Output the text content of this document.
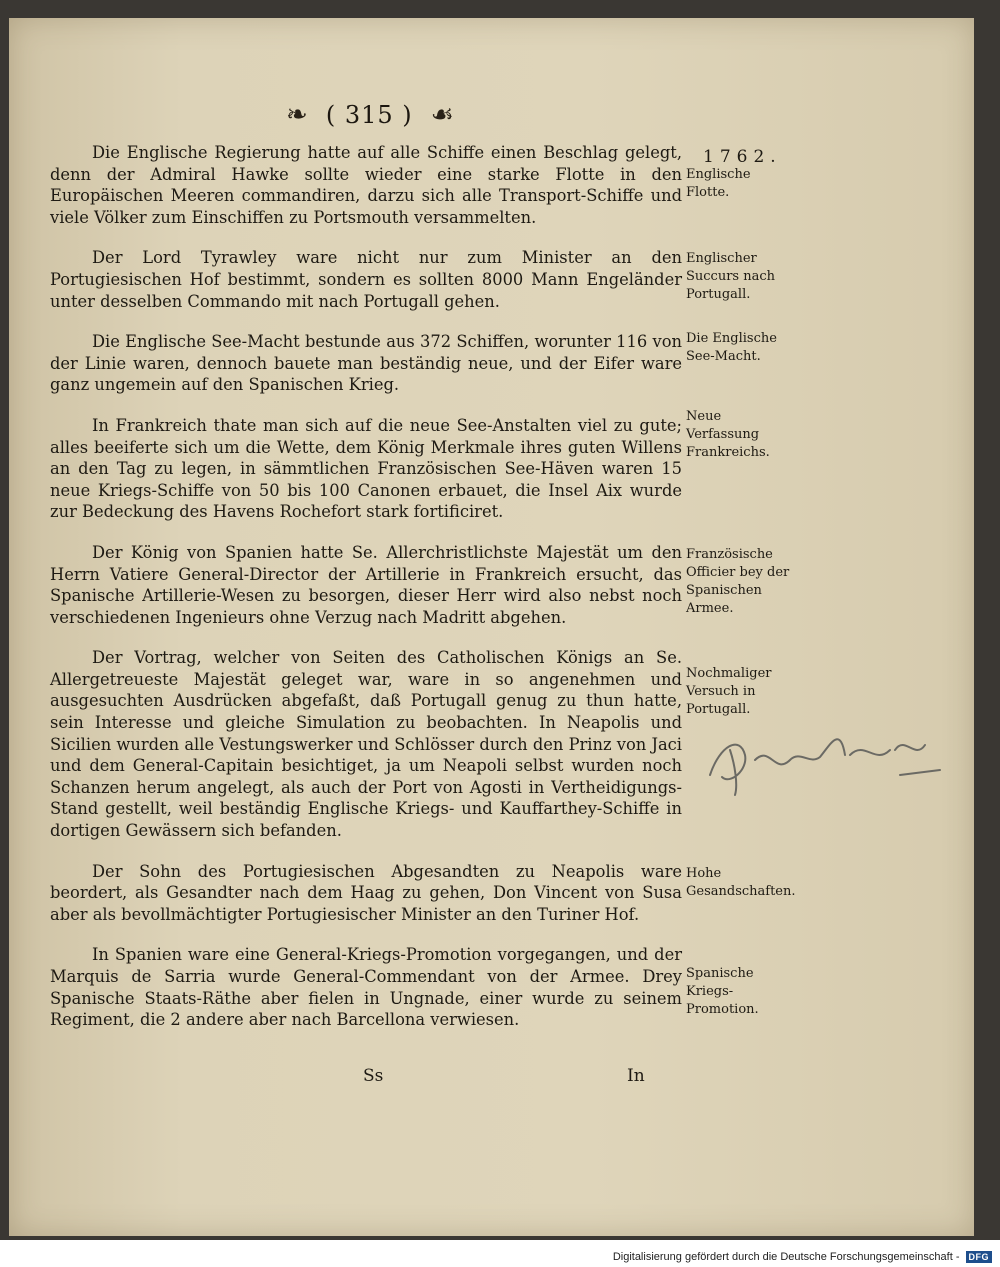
❧ ( 315 ) ☙
1762.

Die Englische Regierung hatte auf alle Schiffe einen Beschlag gelegt, denn der Admiral Hawke sollte wieder eine starke Flotte in den Europäischen Meeren commandiren, darzu sich alle Transport-Schiffe und viele Völker zum Einschiffen zu Portsmouth versammelten.

Der Lord Tyrawley ware nicht nur zum Minister an den Portugiesischen Hof bestimmt, sondern es sollten 8000 Mann Engeländer unter desselben Commando mit nach Portugall gehen.

Die Englische See-Macht bestunde aus 372 Schiffen, worunter 116 von der Linie waren, dennoch bauete man beständig neue, und der Eifer ware ganz ungemein auf den Spanischen Krieg.

In Frankreich thate man sich auf die neue See-Anstalten viel zu gute; alles beeiferte sich um die Wette, dem König Merkmale ihres guten Willens an den Tag zu legen, in sämmtlichen Französischen See-Häven waren 15 neue Kriegs-Schiffe von 50 bis 100 Canonen erbauet, die Insel Aix wurde zur Bedeckung des Havens Rochefort stark fortificiret.

Der König von Spanien hatte Se. Allerchristlichste Majestät um den Herrn Vatiere General-Director der Artillerie in Frankreich ersucht, das Spanische Artillerie-Wesen zu besorgen, dieser Herr wird also nebst noch verschiedenen Ingenieurs ohne Verzug nach Madritt abgehen.

Der Vortrag, welcher von Seiten des Catholischen Königs an Se. Allergetreueste Majestät geleget war, ware in so angenehmen und ausgesuchten Ausdrücken abgefaßt, daß Portugall genug zu thun hatte, sein Interesse und gleiche Simulation zu beobachten. In Neapolis und Sicilien wurden alle Vestungswerker und Schlösser durch den Prinz von Jaci und dem General-Capitain besichtiget, ja um Neapoli selbst wurden noch Schanzen herum angelegt, als auch der Port von Agosti in Vertheidigungs-Stand gestellt, weil beständig Englische Kriegs- und Kauffarthey-Schiffe in dortigen Gewässern sich befanden.

Der Sohn des Portugiesischen Abgesandten zu Neapolis ware beordert, als Gesandter nach dem Haag zu gehen, Don Vincent von Susa aber als bevollmächtigter Portugiesischer Minister an den Turiner Hof.

In Spanien ware eine General-Kriegs-Promotion vorgegangen, und der Marquis de Sarria wurde General-Commendant von der Armee. Drey Spanische Staats-Räthe aber fielen in Ungnade, einer wurde zu seinem Regiment, die 2 andere aber nach Barcellona verwiesen.

Englische Flotte.
Englischer Succurs nach Portugall.
Die Englische See-Macht.
Neue Verfassung Frankreichs.
Französische Officier bey der Spanischen Armee.
Nochmaliger Versuch in Portugall.
Hohe Gesandschaften.
Spanische Kriegs-Promotion.
Ss	In
Digitalisierung gefördert durch die Deutsche Forschungsgemeinschaft -	DFG
